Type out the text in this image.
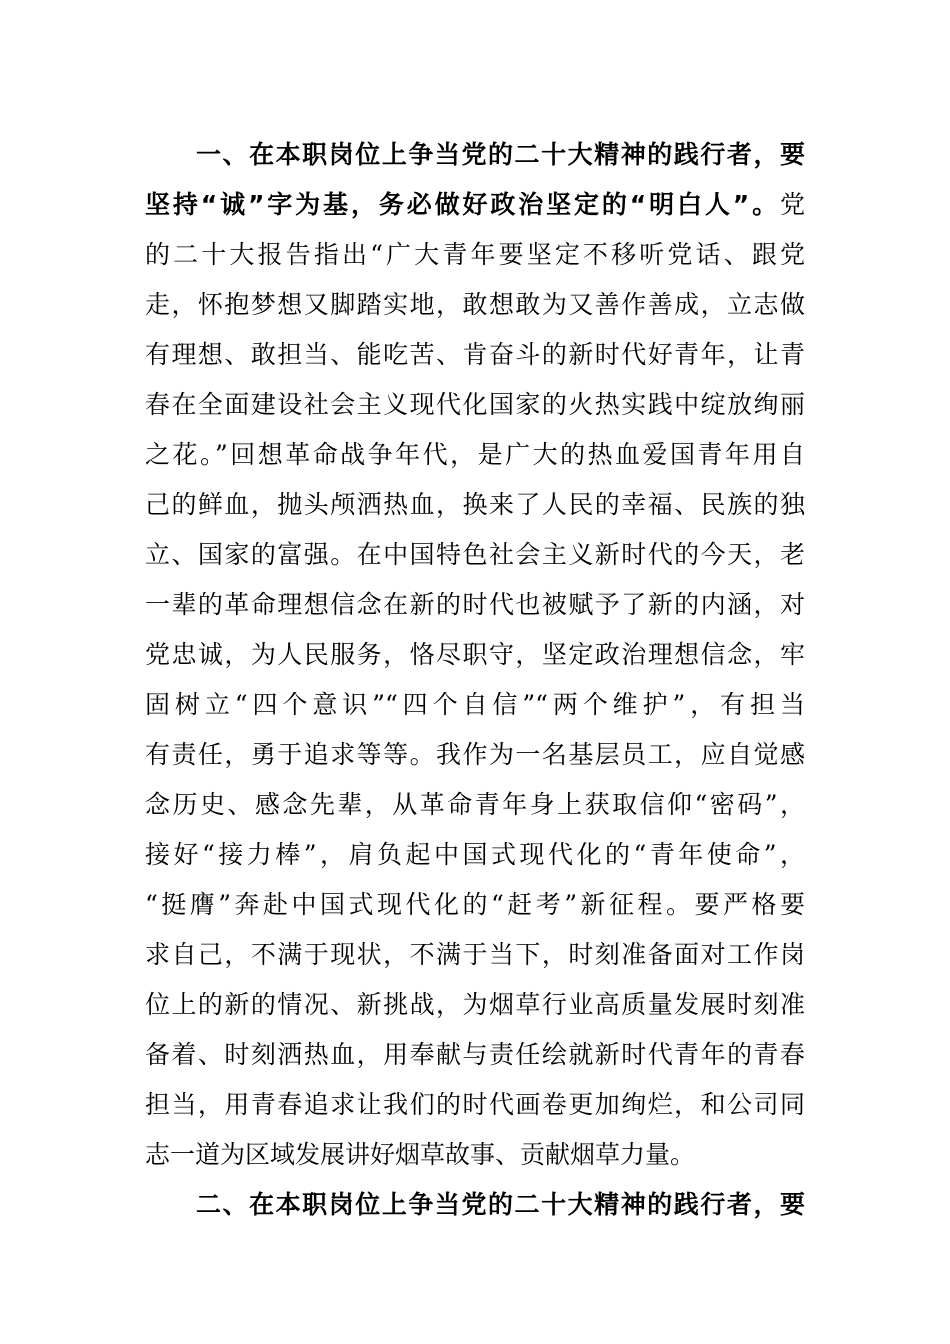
一、在本职岗位上争当党的二十大精神的践行者，要
坚持“诚”字为基，务必做好政治坚定的“明白人”。党
的二十大报告指出“广大青年要坚定不移听党话、跟党
走，怀抱梦想又脚踏实地，敢想敢为又善作善成，立志做
有理想、敢担当、能吃苦、肯奋斗的新时代好青年，让青
春在全面建设社会主义现代化国家的火热实践中绽放绚丽
之花。”回想革命战争年代，是广大的热血爱国青年用自
己的鲜血，抛头颅洒热血，换来了人民的幸福、民族的独
立、国家的富强。在中国特色社会主义新时代的今天，老
一辈的革命理想信念在新的时代也被赋予了新的内涵，对
党忠诚，为人民服务，恪尽职守，坚定政治理想信念，牢
固树立“四个意识”“四个自信”“两个维护”，有担当
有责任，勇于追求等等。我作为一名基层员工，应自觉感
念历史、感念先辈，从革命青年身上获取信仰“密码”，
接好“接力棒”，肩负起中国式现代化的“青年使命”，
“挺膺”奔赴中国式现代化的“赶考”新征程。要严格要
求自己，不满于现状，不满于当下，时刻准备面对工作岗
位上的新的情况、新挑战，为烟草行业高质量发展时刻准
备着、时刻洒热血，用奉献与责任绘就新时代青年的青春
担当，用青春追求让我们的时代画卷更加绚烂，和公司同
志一道为区域发展讲好烟草故事、贡献烟草力量。
二、在本职岗位上争当党的二十大精神的践行者，要
